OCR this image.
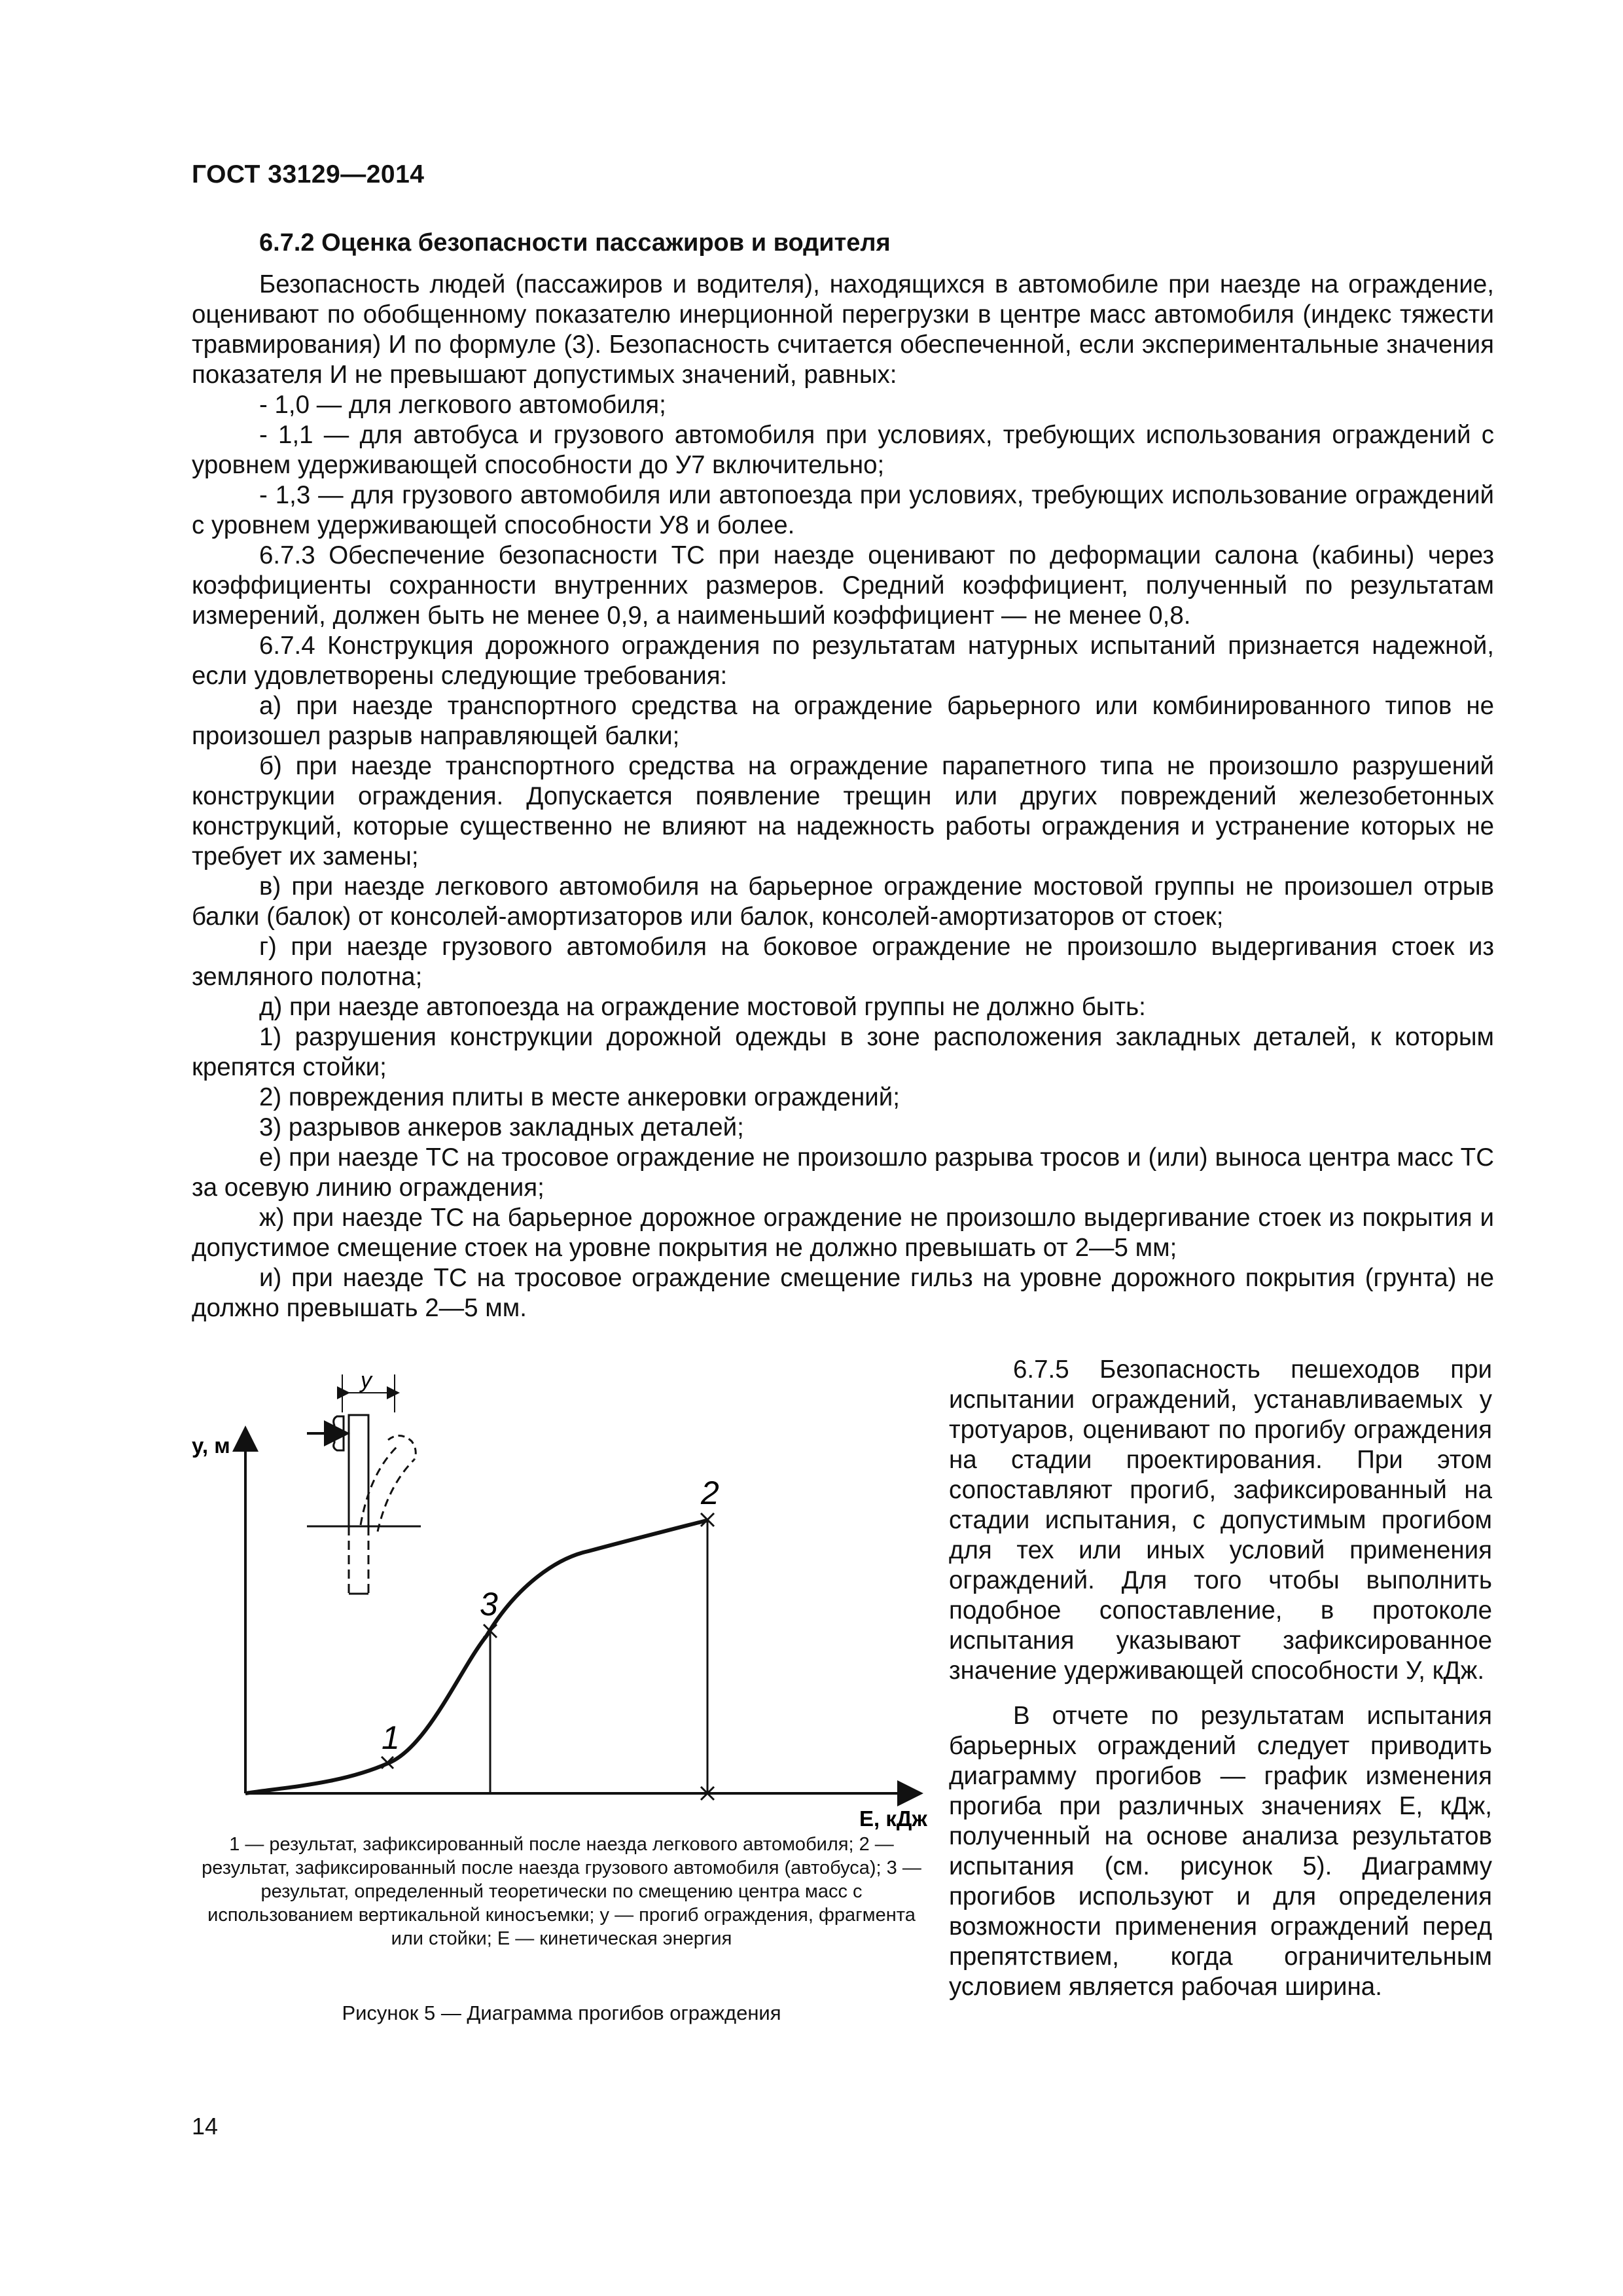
ГОСТ 33129—2014
6.7.2 Оценка безопасности пассажиров и водителя

Безопасность людей (пассажиров и водителя), находящихся в автомобиле при наезде на ограждение, оценивают по обобщенному показателю инерционной перегрузки в центре масс автомобиля (индекс тяжести травмирования) И по формуле (3). Безопасность считается обеспеченной, если экспериментальные значения показателя И не превышают допустимых значений, равных:

- 1,0 — для легкового автомобиля;

- 1,1 — для автобуса и грузового автомобиля при условиях, требующих использования ограждений с уровнем удерживающей способности до У7 включительно;

- 1,3 — для грузового автомобиля или автопоезда при условиях, требующих использование ограждений с уровнем удерживающей способности У8 и более.

6.7.3 Обеспечение безопасности ТС при наезде оценивают по деформации салона (кабины) через коэффициенты сохранности внутренних размеров. Средний коэффициент, полученный по результатам измерений, должен быть не менее 0,9, а наименьший коэффициент — не менее 0,8.

6.7.4 Конструкция дорожного ограждения по результатам натурных испытаний признается надежной, если удовлетворены следующие требования:

а) при наезде транспортного средства на ограждение барьерного или комбинированного типов не произошел разрыв направляющей балки;

б) при наезде транспортного средства на ограждение парапетного типа не произошло разрушений конструкции ограждения. Допускается появление трещин или других повреждений железобетонных конструкций, которые существенно не влияют на надежность работы ограждения и устранение которых не требует их замены;

в) при наезде легкового автомобиля на барьерное ограждение мостовой группы не произошел отрыв балки (балок) от консолей-амортизаторов или балок, консолей-амортизаторов от стоек;

г) при наезде грузового автомобиля на боковое ограждение не произошло выдергивания стоек из земляного полотна;

д) при наезде автопоезда на ограждение мостовой группы не должно быть:

1) разрушения конструкции дорожной одежды в зоне расположения закладных деталей, к которым крепятся стойки;

2) повреждения плиты в месте анкеровки ограждений;

3) разрывов анкеров закладных деталей;

е) при наезде ТС на тросовое ограждение не произошло разрыва тросов и (или) выноса центра масс ТС за осевую линию ограждения;

ж) при наезде ТС на барьерное дорожное ограждение не произошло выдергивание стоек из покрытия и допустимое смещение стоек на уровне покрытия не должно превышать от 2—5 мм;

и) при наезде ТС на тросовое ограждение смещение гильз на уровне дорожного покрытия (грунта) не должно превышать 2—5 мм.

у, м
E, кДж
у
1
3
2
1 — результат, зафиксированный после наезда легкового автомобиля; 2 — результат, зафиксированный после наезда грузового автомобиля (автобуса); 3 — результат, определенный теоретически по смещению центра масс с использованием вертикальной киносъемки; у — прогиб ограждения, фрагмента или стойки; E — кинетическая энергия
Рисунок 5 — Диаграмма прогибов ограждения

6.7.5 Безопасность пешеходов при испытании ограждений, устанавливаемых у тротуаров, оценивают по прогибу ограждения на стадии проектирования. При этом сопоставляют прогиб, зафиксированный на стадии испытания, с допустимым прогибом для тех или иных условий применения ограждений. Для того чтобы выполнить подобное сопоставление, в протоколе испытания указывают зафиксированное значение удерживающей способности У, кДж.

В отчете по результатам испытания барьерных ограждений следует приводить диаграмму прогибов — график изменения прогиба при различных значениях E, кДж, полученный на основе анализа результатов испытания (см. рисунок 5). Диаграмму прогибов используют и для определения возможности применения ограждений перед препятствием, когда ограничительным условием является рабочая ширина.

14
